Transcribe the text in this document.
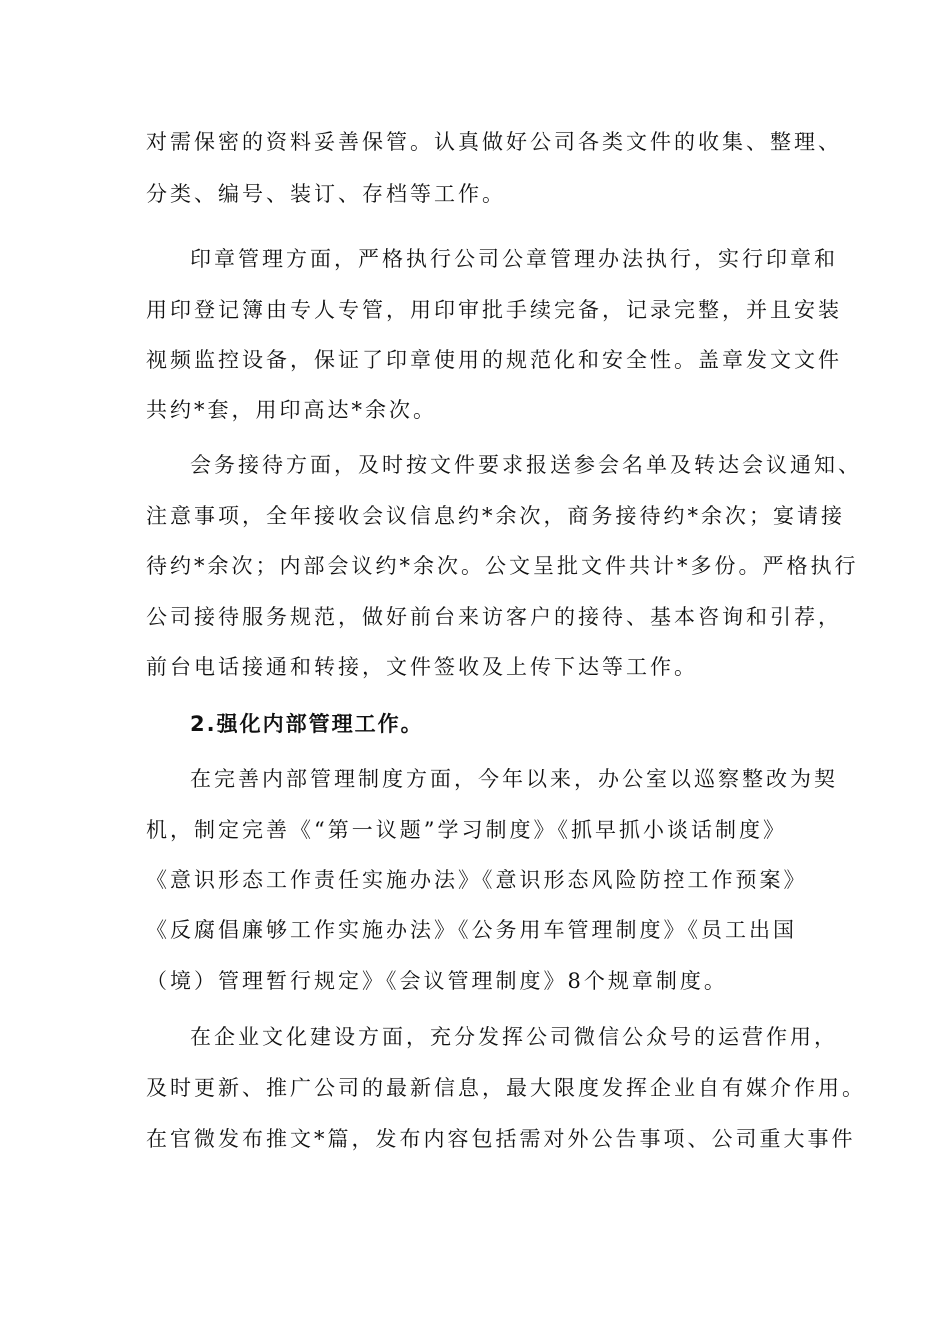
对需保密的资料妥善保管。认真做好公司各类文件的收集、整理、
分类、编号、装订、存档等工作。
印章管理方面，严格执行公司公章管理办法执行，实行印章和
用印登记簿由专人专管，用印审批手续完备，记录完整，并且安装
视频监控设备，保证了印章使用的规范化和安全性。盖章发文文件
共约*套，用印高达*余次。
会务接待方面，及时按文件要求报送参会名单及转达会议通知、
注意事项，全年接收会议信息约*余次，商务接待约*余次；宴请接
待约*余次；内部会议约*余次。公文呈批文件共计*多份。严格执行
公司接待服务规范，做好前台来访客户的接待、基本咨询和引荐，
前台电话接通和转接，文件签收及上传下达等工作。
2.强化内部管理工作。
在完善内部管理制度方面，今年以来，办公室以巡察整改为契
机，制定完善《“第一议题”学习制度》《抓早抓小谈话制度》
《意识形态工作责任实施办法》《意识形态风险防控工作预案》
《反腐倡廉够工作实施办法》《公务用车管理制度》《员工出国
（境）管理暂行规定》《会议管理制度》8个规章制度。
在企业文化建设方面，充分发挥公司微信公众号的运营作用，
及时更新、推广公司的最新信息，最大限度发挥企业自有媒介作用。
在官微发布推文*篇，发布内容包括需对外公告事项、公司重大事件
